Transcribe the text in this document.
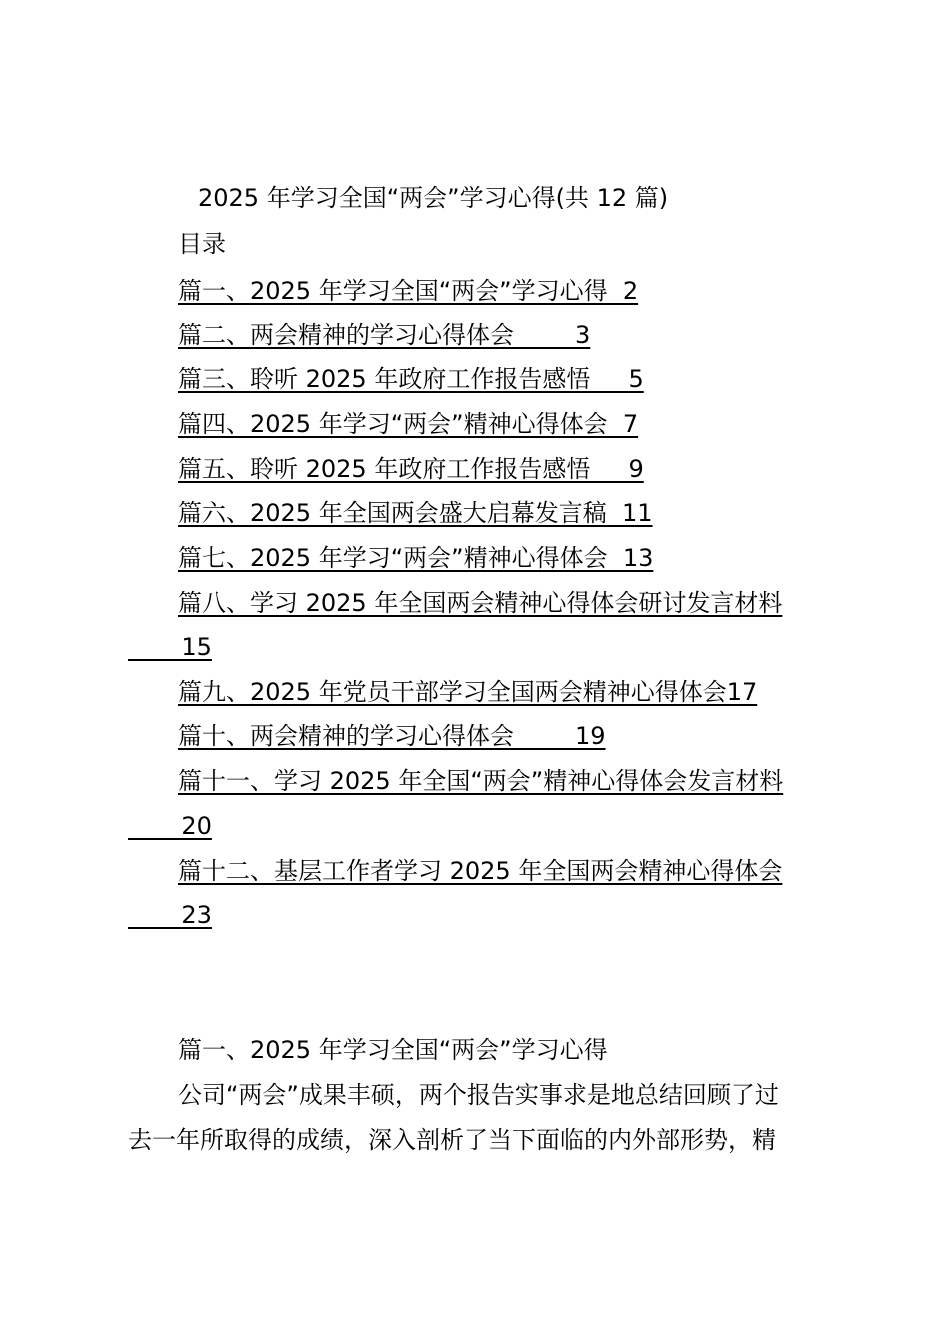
2025 年学习全国“两会”学习心得(共 12 篇)
目录
篇一、2025 年学习全国“两会”学习心得  2
篇二、两会精神的学习心得体会        3
篇三、聆听 2025 年政府工作报告感悟     5
篇四、2025 年学习“两会”精神心得体会  7
篇五、聆听 2025 年政府工作报告感悟     9
篇六、2025 年全国两会盛大启幕发言稿  11
篇七、2025 年学习“两会”精神心得体会  13
篇八、学习 2025 年全国两会精神心得体会研讨发言材料
15
篇九、2025 年党员干部学习全国两会精神心得体会17
篇十、两会精神的学习心得体会        19
篇十一、学习 2025 年全国“两会”精神心得体会发言材料
20
篇十二、基层工作者学习 2025 年全国两会精神心得体会
23
篇一、2025 年学习全国“两会”学习心得
公司“两会”成果丰硕，两个报告实事求是地总结回顾了过
去一年所取得的成绩，深入剖析了当下面临的内外部形势，精
